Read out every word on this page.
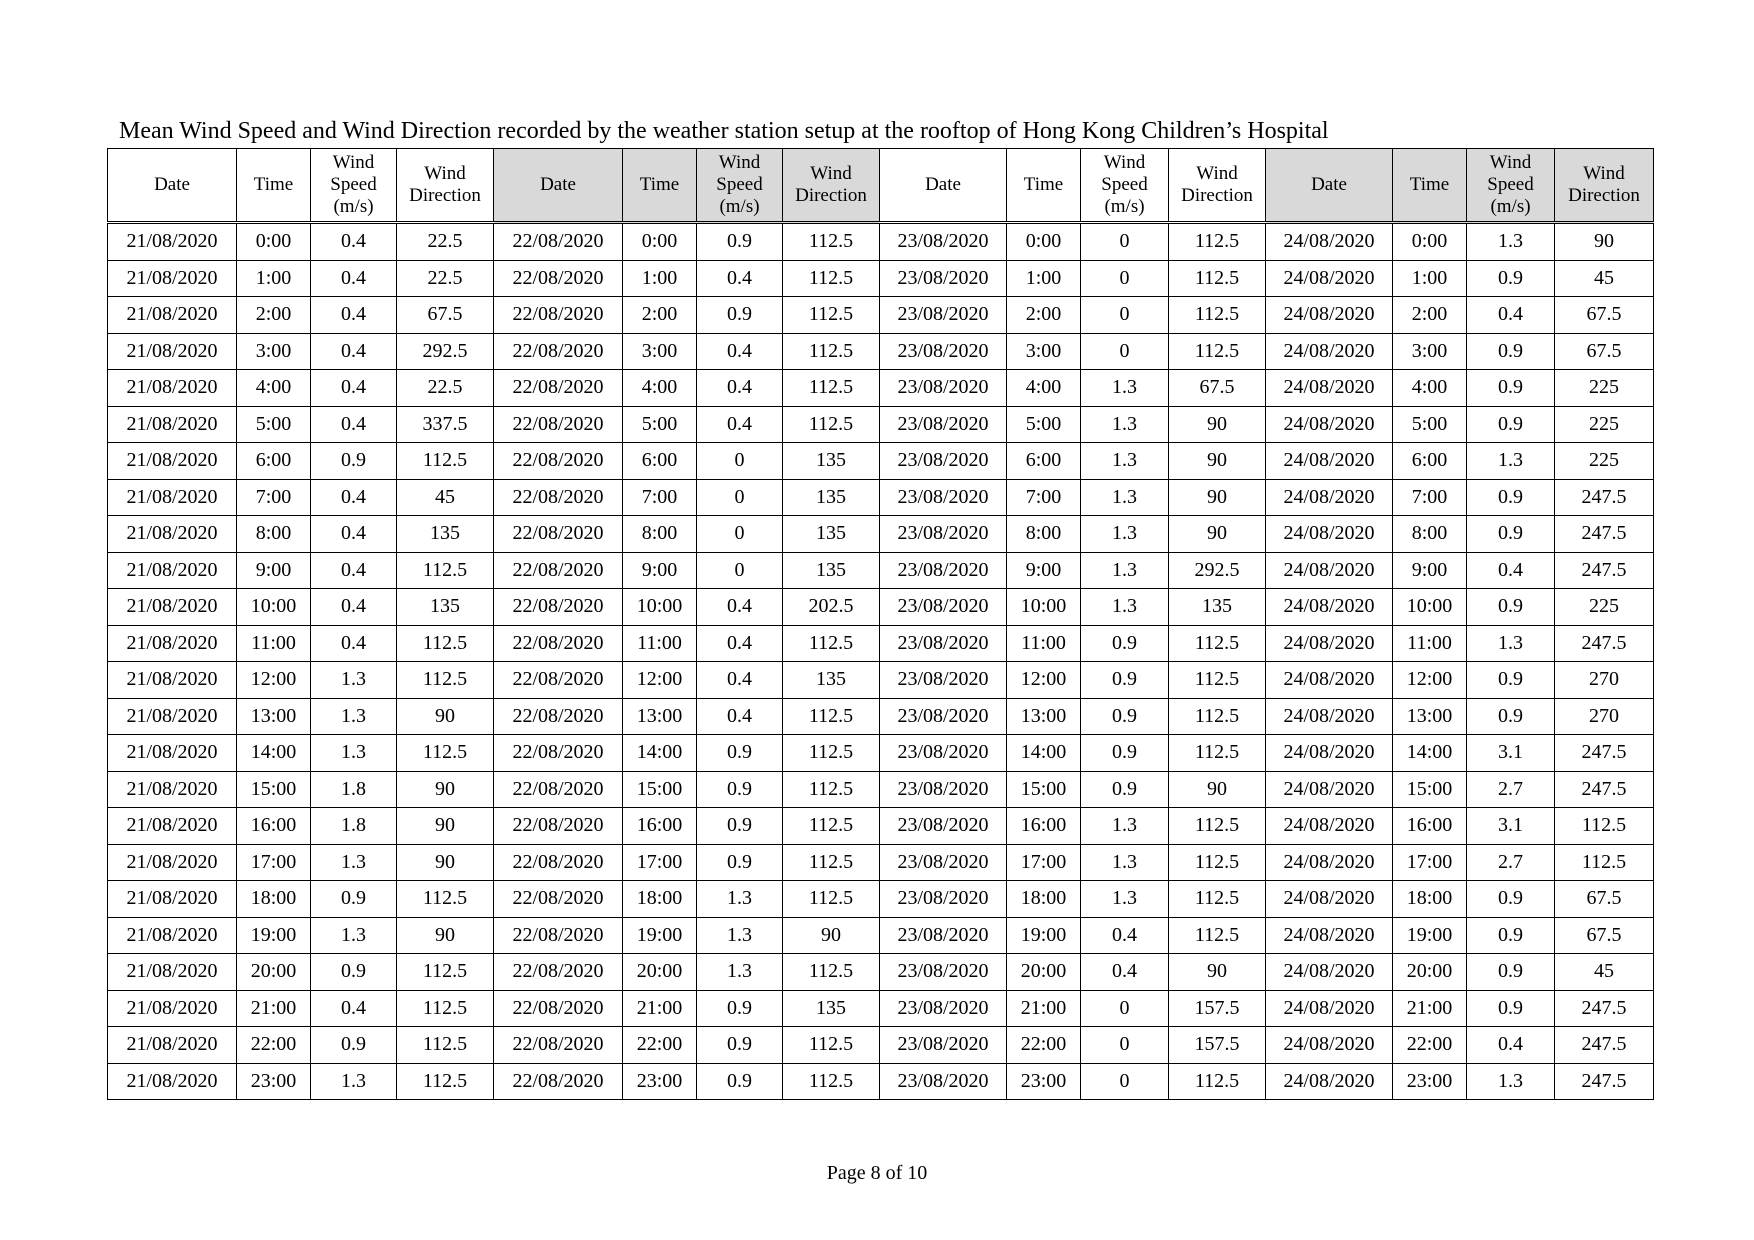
Mean Wind Speed and Wind Direction recorded by the weather station setup at the rooftop of Hong Kong Children’s Hospital
Date	Time	Wind Speed (m/s)	Wind Direction	Date	Time	Wind Speed (m/s)	Wind Direction	Date	Time	Wind Speed (m/s)	Wind Direction	Date	Time	Wind Speed (m/s)	Wind Direction
21/08/2020	0:00	0.4	22.5	22/08/2020	0:00	0.9	112.5	23/08/2020	0:00	0	112.5	24/08/2020	0:00	1.3	90
21/08/2020	1:00	0.4	22.5	22/08/2020	1:00	0.4	112.5	23/08/2020	1:00	0	112.5	24/08/2020	1:00	0.9	45
21/08/2020	2:00	0.4	67.5	22/08/2020	2:00	0.9	112.5	23/08/2020	2:00	0	112.5	24/08/2020	2:00	0.4	67.5
21/08/2020	3:00	0.4	292.5	22/08/2020	3:00	0.4	112.5	23/08/2020	3:00	0	112.5	24/08/2020	3:00	0.9	67.5
21/08/2020	4:00	0.4	22.5	22/08/2020	4:00	0.4	112.5	23/08/2020	4:00	1.3	67.5	24/08/2020	4:00	0.9	225
21/08/2020	5:00	0.4	337.5	22/08/2020	5:00	0.4	112.5	23/08/2020	5:00	1.3	90	24/08/2020	5:00	0.9	225
21/08/2020	6:00	0.9	112.5	22/08/2020	6:00	0	135	23/08/2020	6:00	1.3	90	24/08/2020	6:00	1.3	225
21/08/2020	7:00	0.4	45	22/08/2020	7:00	0	135	23/08/2020	7:00	1.3	90	24/08/2020	7:00	0.9	247.5
21/08/2020	8:00	0.4	135	22/08/2020	8:00	0	135	23/08/2020	8:00	1.3	90	24/08/2020	8:00	0.9	247.5
21/08/2020	9:00	0.4	112.5	22/08/2020	9:00	0	135	23/08/2020	9:00	1.3	292.5	24/08/2020	9:00	0.4	247.5
21/08/2020	10:00	0.4	135	22/08/2020	10:00	0.4	202.5	23/08/2020	10:00	1.3	135	24/08/2020	10:00	0.9	225
21/08/2020	11:00	0.4	112.5	22/08/2020	11:00	0.4	112.5	23/08/2020	11:00	0.9	112.5	24/08/2020	11:00	1.3	247.5
21/08/2020	12:00	1.3	112.5	22/08/2020	12:00	0.4	135	23/08/2020	12:00	0.9	112.5	24/08/2020	12:00	0.9	270
21/08/2020	13:00	1.3	90	22/08/2020	13:00	0.4	112.5	23/08/2020	13:00	0.9	112.5	24/08/2020	13:00	0.9	270
21/08/2020	14:00	1.3	112.5	22/08/2020	14:00	0.9	112.5	23/08/2020	14:00	0.9	112.5	24/08/2020	14:00	3.1	247.5
21/08/2020	15:00	1.8	90	22/08/2020	15:00	0.9	112.5	23/08/2020	15:00	0.9	90	24/08/2020	15:00	2.7	247.5
21/08/2020	16:00	1.8	90	22/08/2020	16:00	0.9	112.5	23/08/2020	16:00	1.3	112.5	24/08/2020	16:00	3.1	112.5
21/08/2020	17:00	1.3	90	22/08/2020	17:00	0.9	112.5	23/08/2020	17:00	1.3	112.5	24/08/2020	17:00	2.7	112.5
21/08/2020	18:00	0.9	112.5	22/08/2020	18:00	1.3	112.5	23/08/2020	18:00	1.3	112.5	24/08/2020	18:00	0.9	67.5
21/08/2020	19:00	1.3	90	22/08/2020	19:00	1.3	90	23/08/2020	19:00	0.4	112.5	24/08/2020	19:00	0.9	67.5
21/08/2020	20:00	0.9	112.5	22/08/2020	20:00	1.3	112.5	23/08/2020	20:00	0.4	90	24/08/2020	20:00	0.9	45
21/08/2020	21:00	0.4	112.5	22/08/2020	21:00	0.9	135	23/08/2020	21:00	0	157.5	24/08/2020	21:00	0.9	247.5
21/08/2020	22:00	0.9	112.5	22/08/2020	22:00	0.9	112.5	23/08/2020	22:00	0	157.5	24/08/2020	22:00	0.4	247.5
21/08/2020	23:00	1.3	112.5	22/08/2020	23:00	0.9	112.5	23/08/2020	23:00	0	112.5	24/08/2020	23:00	1.3	247.5
Page 8 of 10
